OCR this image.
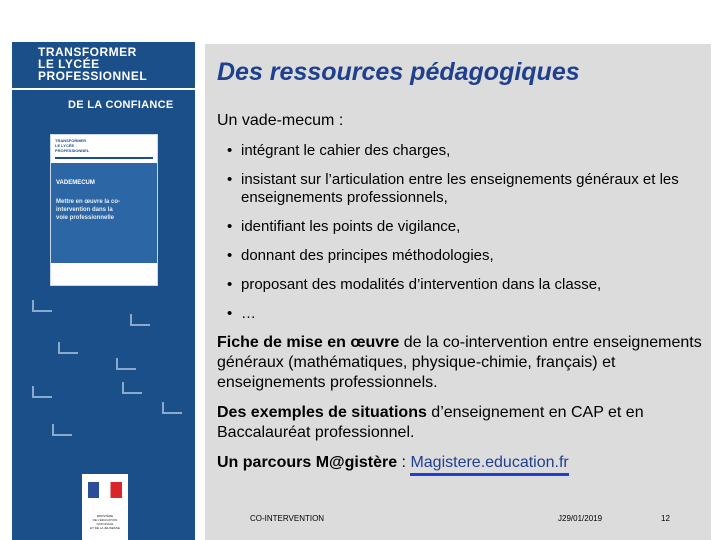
TRANSFORMER
LE LYCÉE
PROFESSIONNEL
DE LA CONFIANCE
TRANSFORMER
LE LYCÉE
PROFESSIONNEL
VADEMECUM
Mettre en œuvre la co-
intervention dans la
voie professionnelle
MINISTÈRE
DE L'ÉDUCATION
NATIONALE
ET DE LA JEUNESSE
Des ressources pédagogiques
Un vade-mecum :
• intégrant le cahier des charges,
• insistant sur l’articulation entre les enseignements généraux et les enseignements professionnels,
• identifiant les points de vigilance,
• donnant des principes méthodologies,
• proposant des modalités d’intervention dans la classe,
• …
Fiche de mise en œuvre de la co-intervention entre enseignements généraux (mathématiques, physique-chimie, français) et enseignements professionnels.
Des exemples de situations d’enseignement en CAP et en Baccalauréat professionnel.
Un parcours M@gistère : Magistere.education.fr
CO-INTERVENTION	J29/01/2019	12
